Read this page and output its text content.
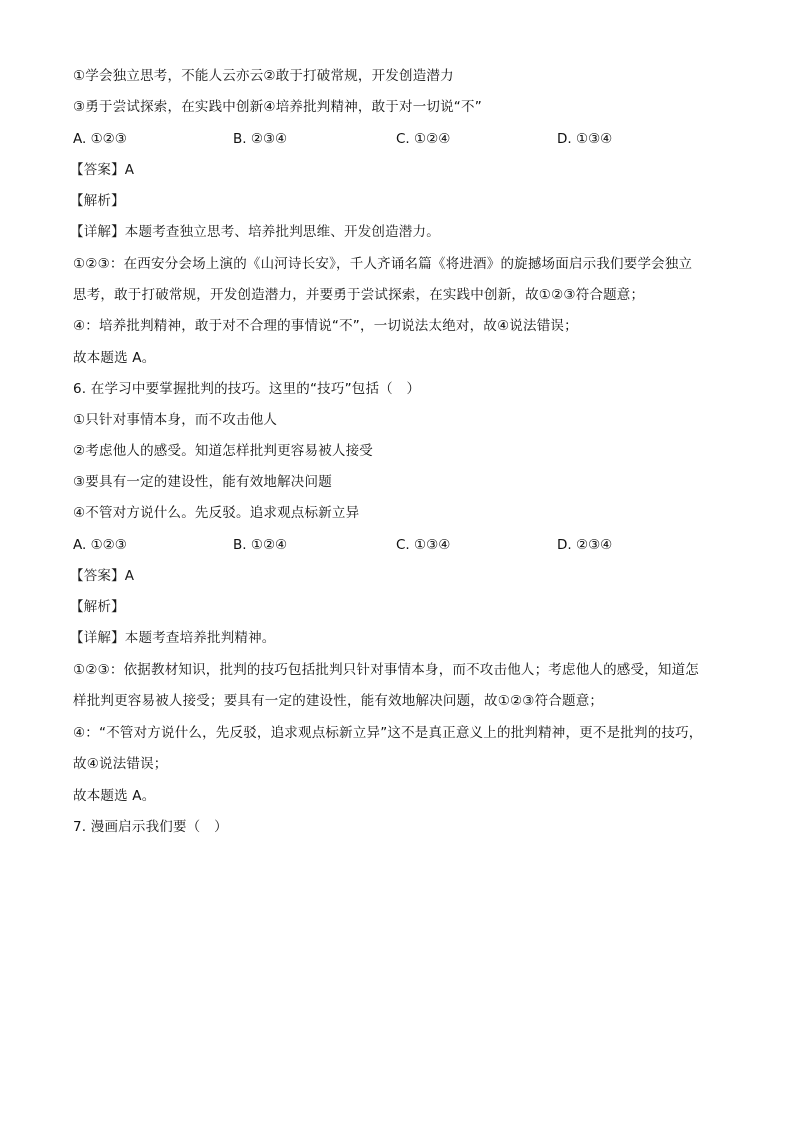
①学会独立思考，不能人云亦云②敢于打破常规，开发创造潜力
③勇于尝试探索，在实践中创新④培养批判精神，敢于对一切说“不”
A. ①②③	B. ②③④	C. ①②④	D. ①③④
【答案】A
【解析】
【详解】本题考查独立思考、培养批判思维、开发创造潜力。
①②③：在西安分会场上演的《山河诗长安》，千人齐诵名篇《将进酒》的旋撼场面启示我们要学会独立
思考，敢于打破常规，开发创造潜力，并要勇于尝试探索，在实践中创新，故①②③符合题意；
④：培养批判精神，敢于对不合理的事情说“不”，一切说法太绝对，故④说法错误；
故本题选 A。
6. 在学习中要掌握批判的技巧。这里的“技巧”包括（　）
①只针对事情本身，而不攻击他人
②考虑他人的感受。知道怎样批判更容易被人接受
③要具有一定的建设性，能有效地解决问题
④不管对方说什么。先反驳。追求观点标新立异
A. ①②③	B. ①②④	C. ①③④	D. ②③④
【答案】A
【解析】
【详解】本题考查培养批判精神。
①②③：依据教材知识，批判的技巧包括批判只针对事情本身，而不攻击他人；考虑他人的感受，知道怎
样批判更容易被人接受；要具有一定的建设性，能有效地解决问题，故①②③符合题意；
④：“不管对方说什么，先反驳，追求观点标新立异”这不是真正意义上的批判精神，更不是批判的技巧，
故④说法错误；
故本题选 A。
7. 漫画启示我们要（　）
